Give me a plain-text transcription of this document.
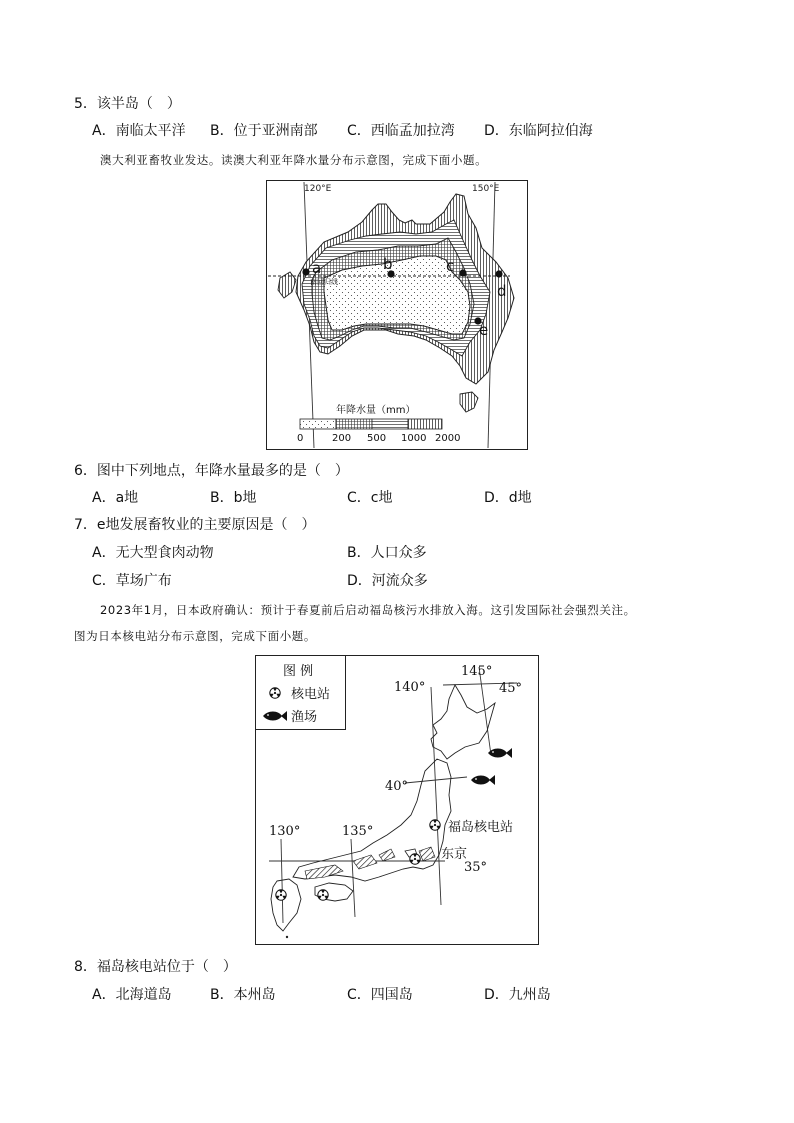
5．该半岛（　）
A．南临太平洋 B．位于亚洲南部 C．西临孟加拉湾 D．东临阿拉伯海
澳大利亚畜牧业发达。读澳大利亚年降水量分布示意图，完成下面小题。
南回归线
120°E	150°E
a	b	c
d
e
年降水量（mm）
0	200 500 1000 2000
6．图中下列地点，年降水量最多的是（　）
A．a地	B．b地	C．c地	D．d地
7．e地发展畜牧业的主要原因是（　）
A．无大型食肉动物	B．人口众多
C．草场广布	D．河流众多
2023年1月，日本政府确认：预计于春夏前后启动福岛核污水排放入海。这引发国际社会强烈关注。
图为日本核电站分布示意图，完成下面小题。
图 例
核电站
渔场
140°
145°
45°
40°
130°	135°	福岛核电站
东京
35°
8．福岛核电站位于（　）
A．北海道岛	B．本州岛	C．四国岛	D．九州岛
